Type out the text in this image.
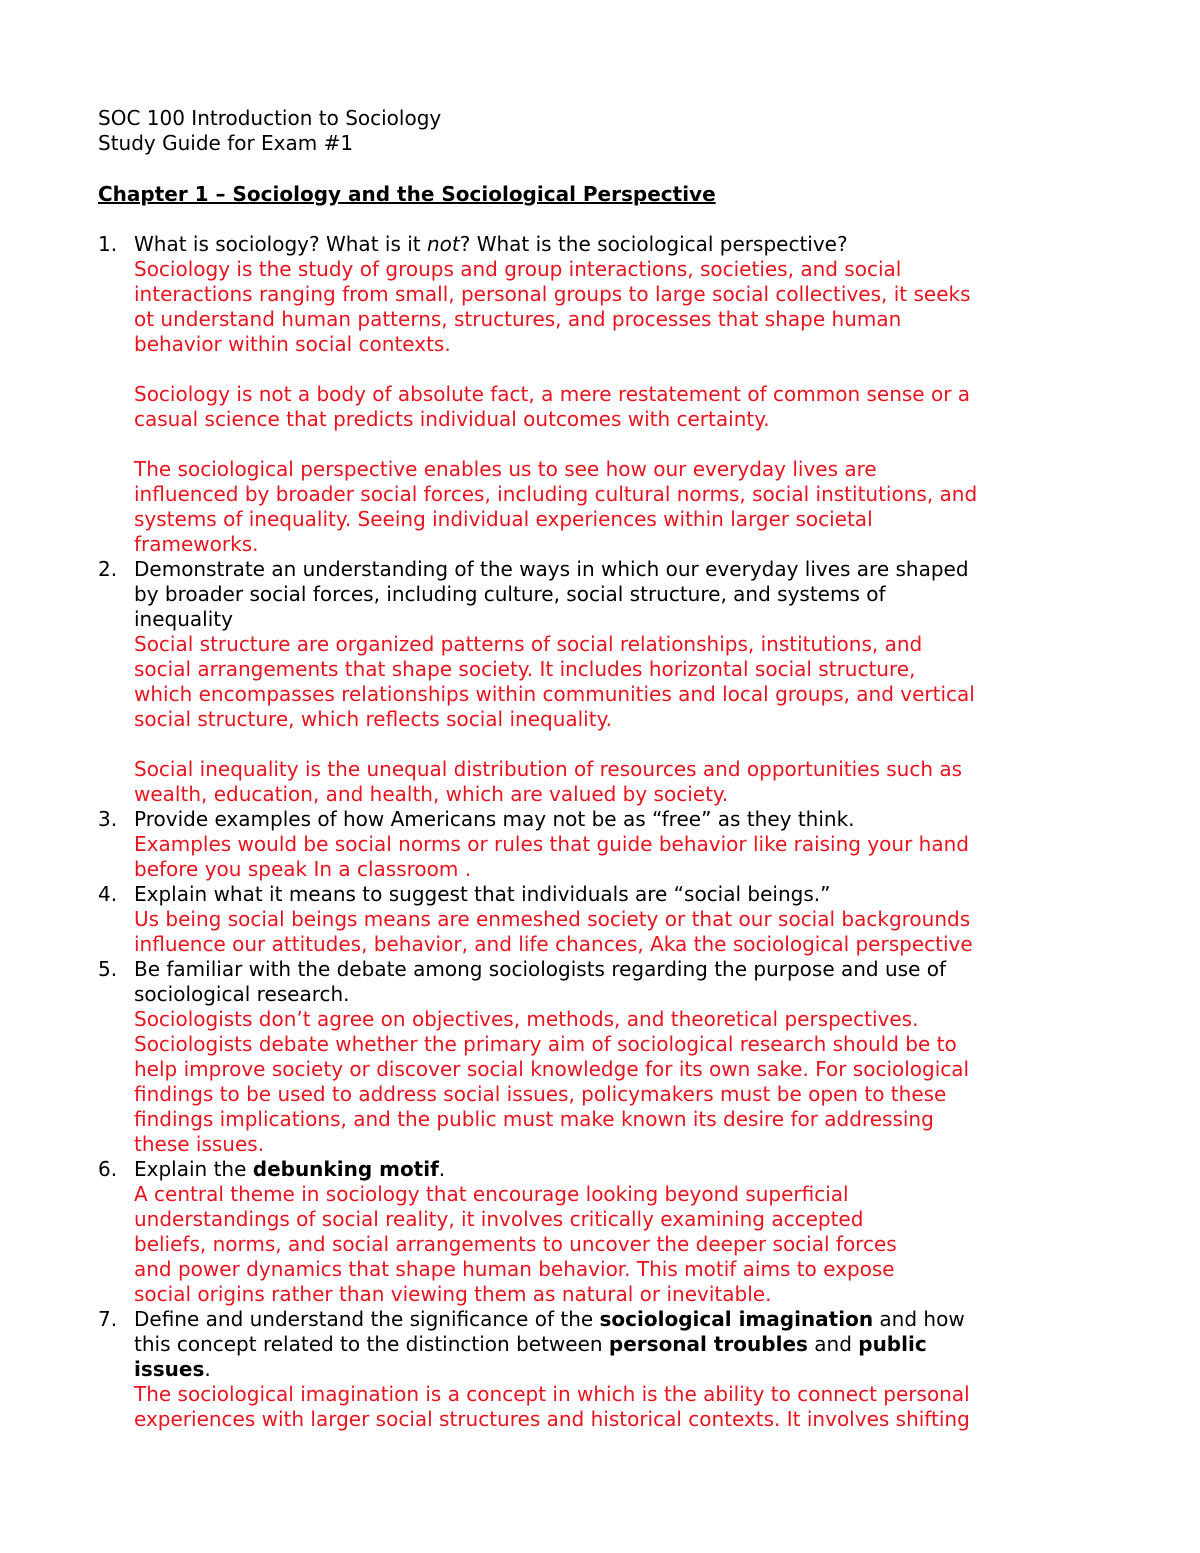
SOC 100 Introduction to Sociology
Study Guide for Exam #1
Chapter 1 – Sociology and the Sociological Perspective
1. What is sociology? What is it not? What is the sociological perspective?
Sociology is the study of groups and group interactions, societies, and social
interactions ranging from small, personal groups to large social collectives, it seeks
ot understand human patterns, structures, and processes that shape human
behavior within social contexts.
Sociology is not a body of absolute fact, a mere restatement of common sense or a
casual science that predicts individual outcomes with certainty.
The sociological perspective enables us to see how our everyday lives are
influenced by broader social forces, including cultural norms, social institutions, and
systems of inequality. Seeing individual experiences within larger societal
frameworks.
2. Demonstrate an understanding of the ways in which our everyday lives are shaped
by broader social forces, including culture, social structure, and systems of
inequality
Social structure are organized patterns of social relationships, institutions, and
social arrangements that shape society. It includes horizontal social structure,
which encompasses relationships within communities and local groups, and vertical
social structure, which reflects social inequality.
Social inequality is the unequal distribution of resources and opportunities such as
wealth, education, and health, which are valued by society.
3. Provide examples of how Americans may not be as “free” as they think.
Examples would be social norms or rules that guide behavior like raising your hand
before you speak In a classroom .
4. Explain what it means to suggest that individuals are “social beings.”
Us being social beings means are enmeshed society or that our social backgrounds
influence our attitudes, behavior, and life chances, Aka the sociological perspective
5. Be familiar with the debate among sociologists regarding the purpose and use of
sociological research.
Sociologists don’t agree on objectives, methods, and theoretical perspectives.
Sociologists debate whether the primary aim of sociological research should be to
help improve society or discover social knowledge for its own sake. For sociological
findings to be used to address social issues, policymakers must be open to these
findings implications, and the public must make known its desire for addressing
these issues.
6. Explain the debunking motif.
A central theme in sociology that encourage looking beyond superficial
understandings of social reality, it involves critically examining accepted
beliefs, norms, and social arrangements to uncover the deeper social forces
and power dynamics that shape human behavior. This motif aims to expose
social origins rather than viewing them as natural or inevitable.
7. Define and understand the significance of the sociological imagination and how
this concept related to the distinction between personal troubles and public
issues.
The sociological imagination is a concept in which is the ability to connect personal
experiences with larger social structures and historical contexts. It involves shifting
